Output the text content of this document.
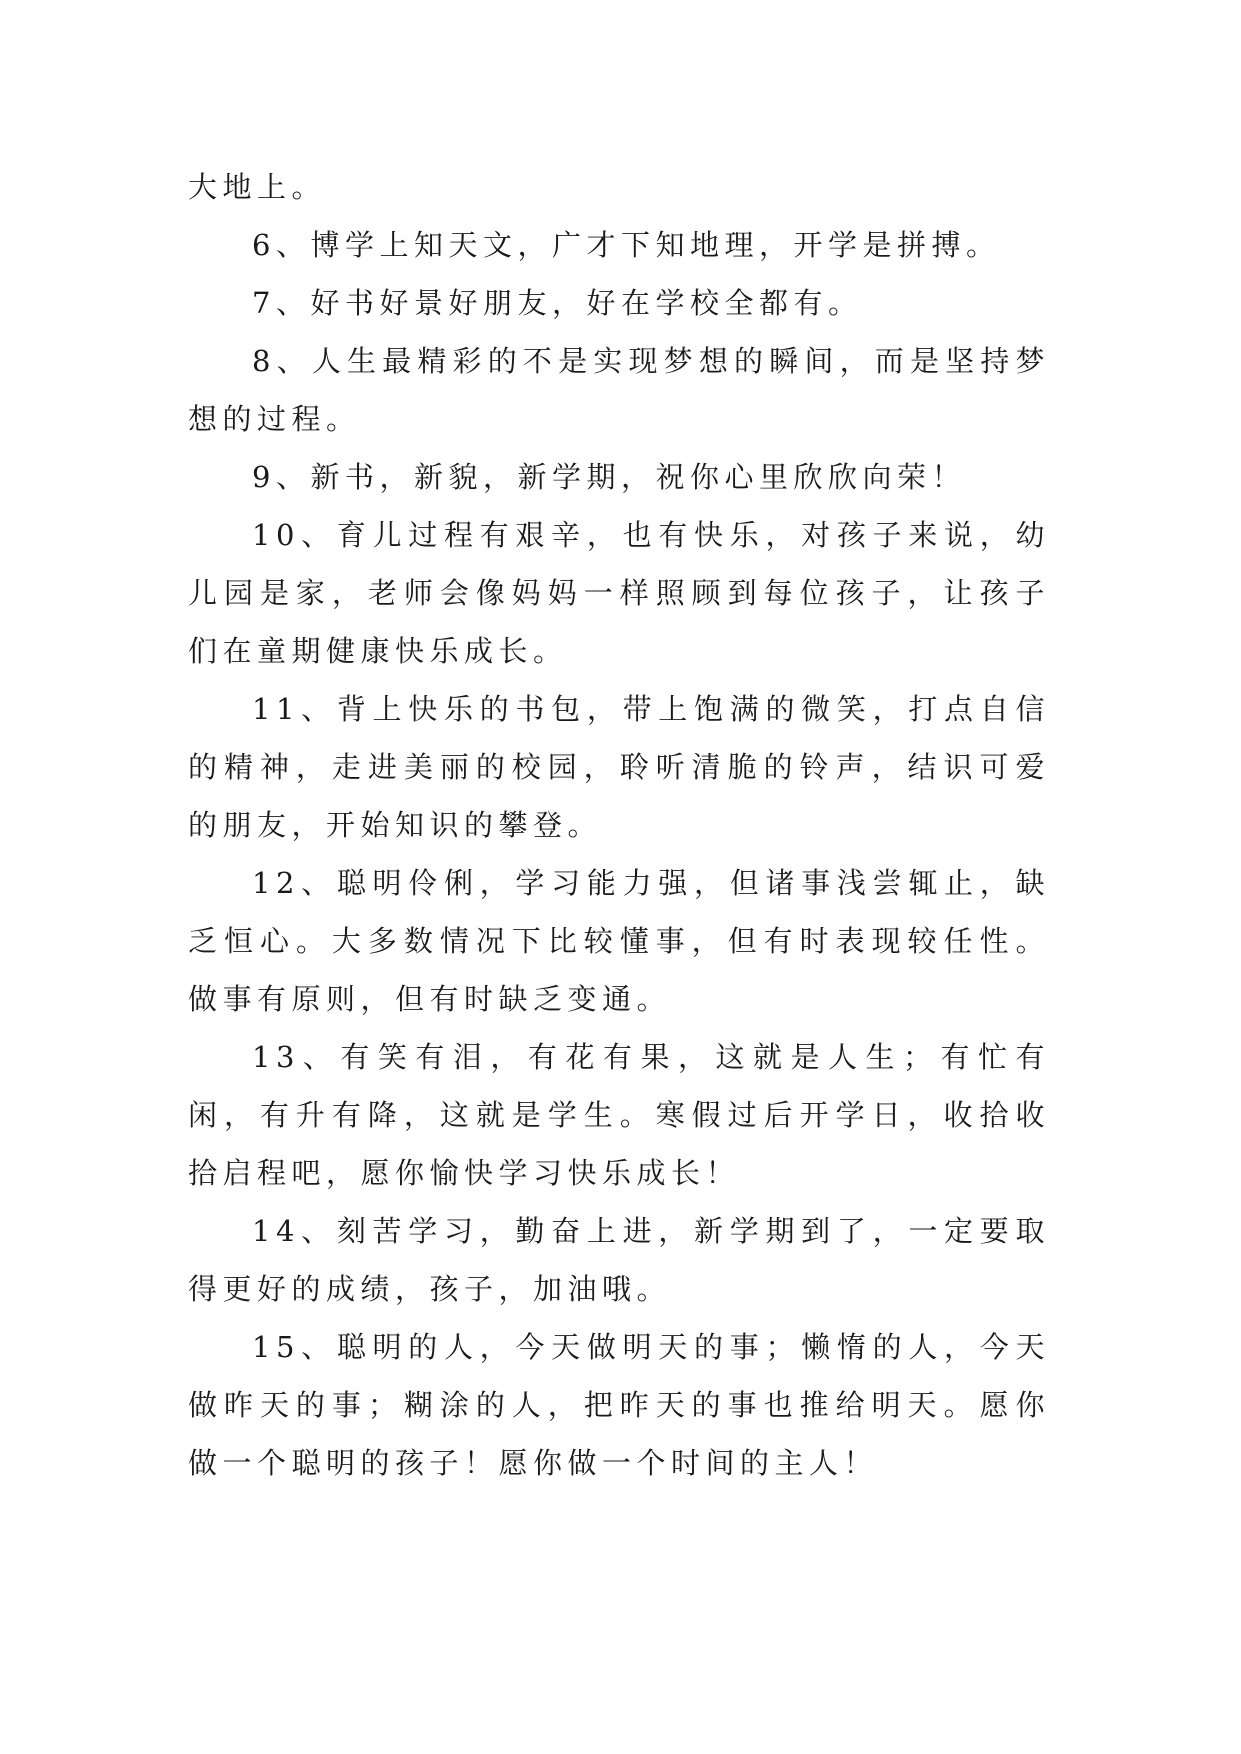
大地上。

6、博学上知天文，广才下知地理，开学是拼搏。

7、好书好景好朋友，好在学校全都有。

8、人生最精彩的不是实现梦想的瞬间，而是坚持梦想的过程。

9、新书，新貌，新学期，祝你心里欣欣向荣！

10、育儿过程有艰辛，也有快乐，对孩子来说，幼儿园是家，老师会像妈妈一样照顾到每位孩子，让孩子们在童期健康快乐成长。

11、背上快乐的书包，带上饱满的微笑，打点自信的精神，走进美丽的校园，聆听清脆的铃声，结识可爱的朋友，开始知识的攀登。

12、聪明伶俐，学习能力强，但诸事浅尝辄止，缺乏恒心。大多数情况下比较懂事，但有时表现较任性。做事有原则，但有时缺乏变通。

13、有笑有泪，有花有果，这就是人生；有忙有闲，有升有降，这就是学生。寒假过后开学日，收拾收拾启程吧，愿你愉快学习快乐成长！

14、刻苦学习，勤奋上进，新学期到了，一定要取得更好的成绩，孩子，加油哦。

15、聪明的人，今天做明天的事；懒惰的人，今天做昨天的事；糊涂的人，把昨天的事也推给明天。愿你做一个聪明的孩子！愿你做一个时间的主人！
